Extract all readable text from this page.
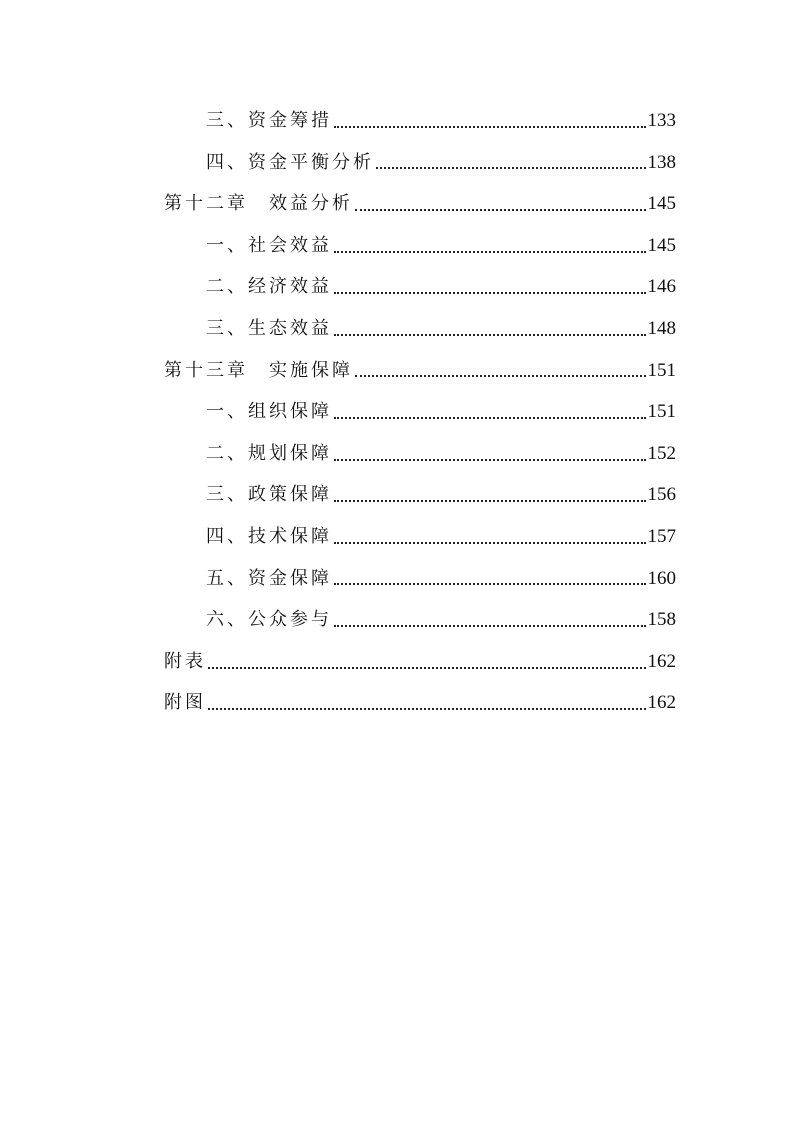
三、资金筹措	133
四、资金平衡分析	138
第十二章　效益分析	145
一、社会效益	145
二、经济效益	146
三、生态效益	148
第十三章　实施保障	151
一、组织保障	151
二、规划保障	152
三、政策保障	156
四、技术保障	157
五、资金保障	160
六、公众参与	158
附表	162
附图	162
